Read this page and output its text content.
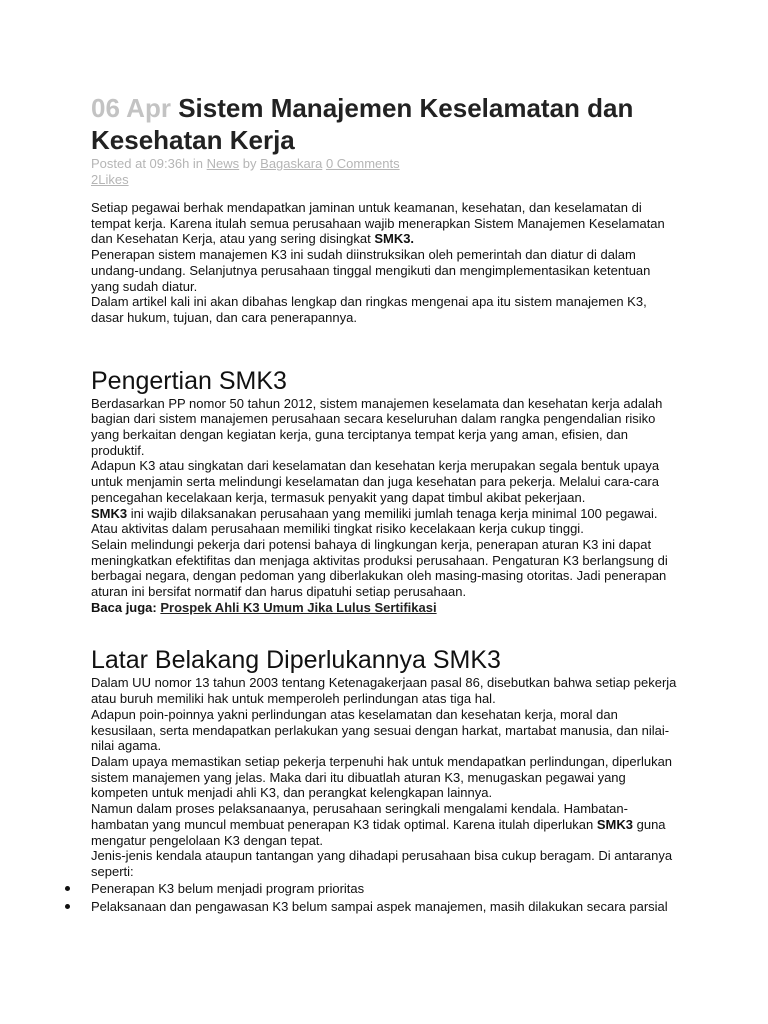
06 Apr Sistem Manajemen Keselamatan dan Kesehatan Kerja
Posted at 09:36h in News by Bagaskara 0 Comments
2Likes

Setiap pegawai berhak mendapatkan jaminan untuk keamanan, kesehatan, dan keselamatan di tempat kerja. Karena itulah semua perusahaan wajib menerapkan Sistem Manajemen Keselamatan dan Kesehatan Kerja, atau yang sering disingkat SMK3.

Penerapan sistem manajemen K3 ini sudah diinstruksikan oleh pemerintah dan diatur di dalam undang-undang. Selanjutnya perusahaan tinggal mengikuti dan mengimplementasikan ketentuan yang sudah diatur.

Dalam artikel kali ini akan dibahas lengkap dan ringkas mengenai apa itu sistem manajemen K3, dasar hukum, tujuan, dan cara penerapannya.

Pengertian SMK3

Berdasarkan PP nomor 50 tahun 2012, sistem manajemen keselamata dan kesehatan kerja adalah bagian dari sistem manajemen perusahaan secara keseluruhan dalam rangka pengendalian risiko yang berkaitan dengan kegiatan kerja, guna terciptanya tempat kerja yang aman, efisien, dan produktif.

Adapun K3 atau singkatan dari keselamatan dan kesehatan kerja merupakan segala bentuk upaya untuk menjamin serta melindungi keselamatan dan juga kesehatan para pekerja. Melalui cara-cara pencegahan kecelakaan kerja, termasuk penyakit yang dapat timbul akibat pekerjaan.

SMK3 ini wajib dilaksanakan perusahaan yang memiliki jumlah tenaga kerja minimal 100 pegawai. Atau aktivitas dalam perusahaan memiliki tingkat risiko kecelakaan kerja cukup tinggi.

Selain melindungi pekerja dari potensi bahaya di lingkungan kerja, penerapan aturan K3 ini dapat meningkatkan efektifitas dan menjaga aktivitas produksi perusahaan. Pengaturan K3 berlangsung di berbagai negara, dengan pedoman yang diberlakukan oleh masing-masing otoritas. Jadi penerapan aturan ini bersifat normatif dan harus dipatuhi setiap perusahaan.

Baca juga: Prospek Ahli K3 Umum Jika Lulus Sertifikasi

Latar Belakang Diperlukannya SMK3

Dalam UU nomor 13 tahun 2003 tentang Ketenagakerjaan pasal 86, disebutkan bahwa setiap pekerja atau buruh memiliki hak untuk memperoleh perlindungan atas tiga hal.

Adapun poin-poinnya yakni perlindungan atas keselamatan dan kesehatan kerja, moral dan kesusilaan, serta mendapatkan perlakukan yang sesuai dengan harkat, martabat manusia, dan nilai-nilai agama.

Dalam upaya memastikan setiap pekerja terpenuhi hak untuk mendapatkan perlindungan, diperlukan sistem manajemen yang jelas. Maka dari itu dibuatlah aturan K3, menugaskan pegawai yang kompeten untuk menjadi ahli K3, dan perangkat kelengkapan lainnya.

Namun dalam proses pelaksanaanya, perusahaan seringkali mengalami kendala. Hambatan-hambatan yang muncul membuat penerapan K3 tidak optimal. Karena itulah diperlukan SMK3 guna mengatur pengelolaan K3 dengan tepat.

Jenis-jenis kendala ataupun tantangan yang dihadapi perusahaan bisa cukup beragam. Di antaranya seperti:

Penerapan K3 belum menjadi program prioritas
Pelaksanaan dan pengawasan K3 belum sampai aspek manajemen, masih dilakukan secara parsial
